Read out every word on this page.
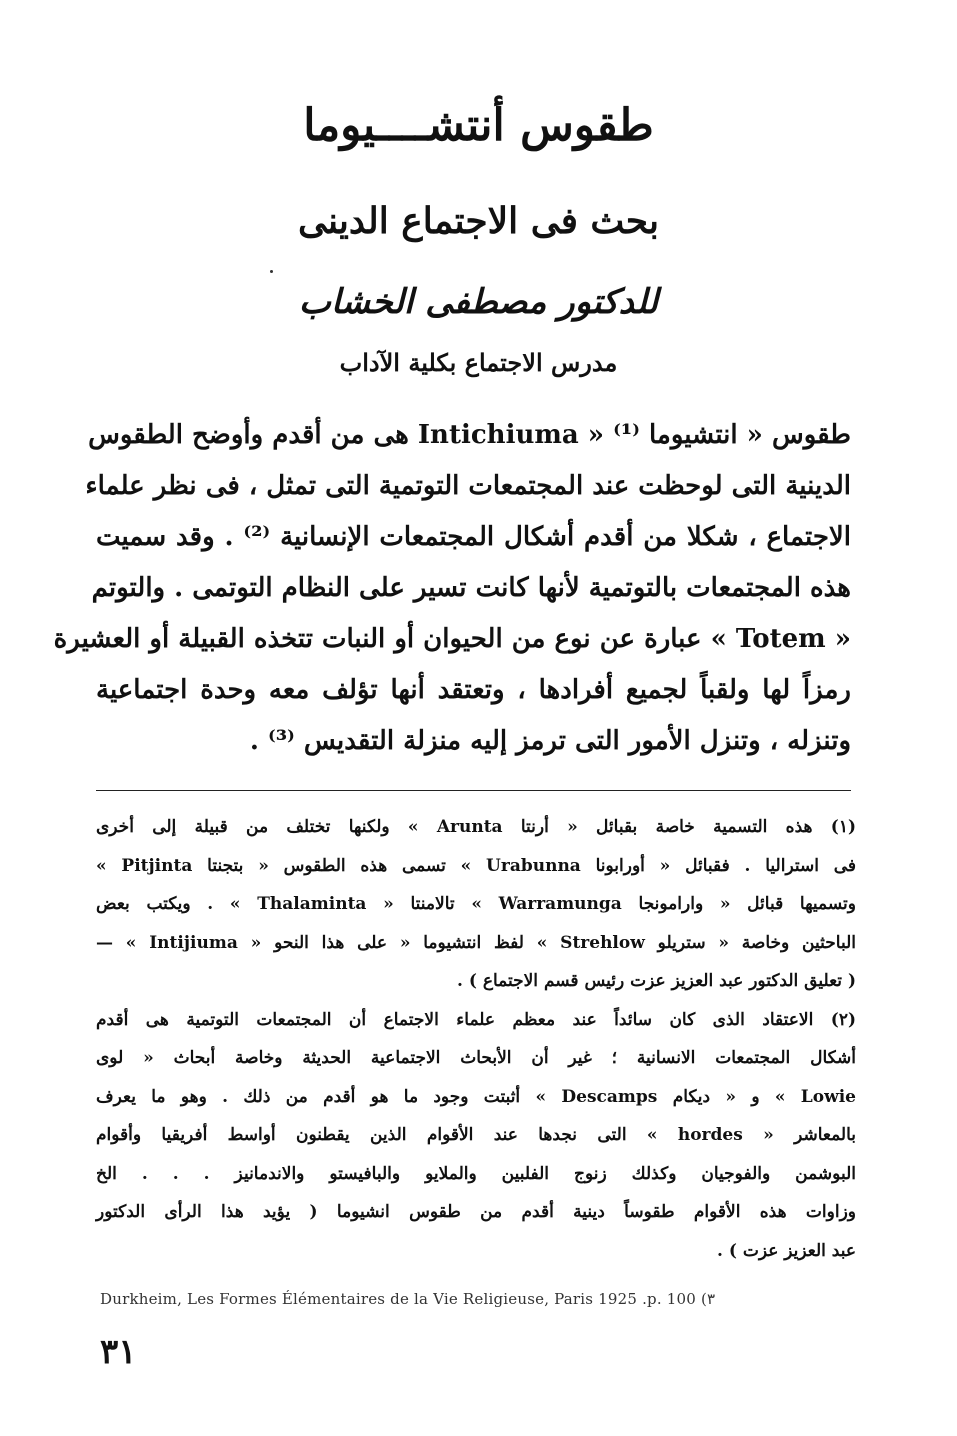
طقوس أنتشــــيوما
بحث فى الاجتماع الدينى
للدكتور مصطفى الخشاب
مدرس الاجتماع بكلية الآداب
طقوس « انتشيوما Intichiuma » ⁽¹⁾ هى من أقدم وأوضح الطقوس
الدينية التى لوحظت عند المجتمعات التوتمية التى تمثل ، فى نظر علماء
الاجتماع ، شكلا من أقدم أشكال المجتمعات الإنسانية ⁽²⁾ . وقد سميت
هذه المجتمعات بالتوتمية لأنها كانت تسير على النظام التوتمى . والتوتم
« Totem » عبارة عن نوع من الحيوان أو النبات تتخذه القبيلة أو العشيرة
رمزاً لها ولقباً لجميع أفرادها ، وتعتقد أنها تؤلف معه وحدة اجتماعية
وتنزله ، وتنزل الأمور التى ترمز إليه منزلة التقديس ⁽³⁾ .
(١) هذه التسمية خاصة بقبائل « أرنتا Arunta » ولكنها تختلف من قبيلة إلى أخرى
فى استراليا . فقبائل « أورابونا Urabunna » تسمى هذه الطقوس « بتجنتا Pitjinta »
وتسميها قبائل « وارامونجا Warramunga » تالامنتا « Thalaminta » . ويكتب بعض
الباحثين وخاصة « ستريلو Strehlow » لفظ انتشيوما « على هذا النحو « Intijiuma » —
( تعليق الدكتور عبد العزيز عزت رئيس قسم الاجتماع ) .
(٢) الاعتقاد الذى كان سائداً عند معظم علماء الاجتماع أن المجتمعات التوتمية هى أقدم
أشكال المجتمعات الانسانية ؛ غير أن الأبحاث الاجتماعية الحديثة وخاصة أبحاث « لوى
Lowie » و « ديكام Descamps » أثبتت وجود ما هو أقدم من ذلك . وهو ما يعرف
بالمعاشر « hordes » التى نجدها عند الأقوام الذين يقطنون أواسط أفريقيا وأقوام
البوشمن والفوجيان وكذلك زنوج الفلبين والملايو والبافيستو والاندمانيز . . . الخ
وزاوات هذه الأقوام طقوساً دينية أقدم من طقوس انشيوما ( يؤيد هذا الرأى الدكتور
عبد العزيز عزت ) .
Durkheim, Les Formes Élémentaires de la Vie Religieuse, Paris 1925 .p. 100 (٣
٣١
